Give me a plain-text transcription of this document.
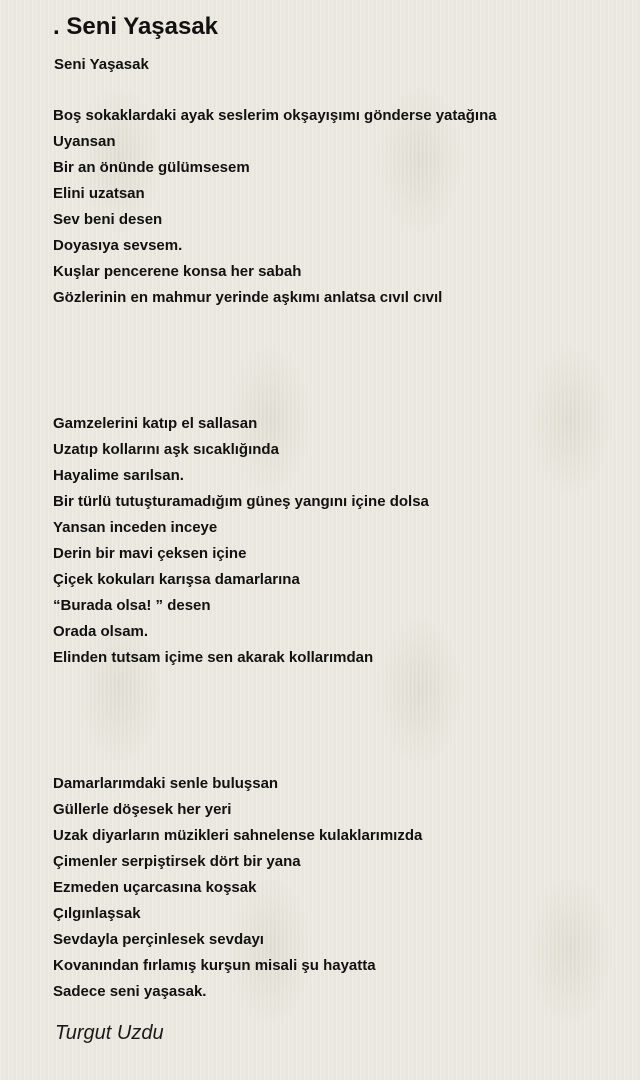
. Seni Yaşasak
Seni Yaşasak
Boş sokaklardaki ayak seslerim okşayışımı gönderse yatağına
Uyansan
Bir an önünde gülümsesem
Elini uzatsan
Sev beni desen
Doyasıya sevsem.
Kuşlar pencerene konsa her sabah
Gözlerinin en mahmur yerinde aşkımı anlatsa cıvıl cıvıl
Gamzelerini katıp el sallasan
Uzatıp kollarını aşk sıcaklığında
Hayalime sarılsan.
Bir türlü tutuşturamadığım güneş yangını içine dolsa
Yansan inceden inceye
Derin bir mavi çeksen içine
Çiçek kokuları karışsa damarlarına
“Burada olsa! ” desen
Orada olsam.
Elinden tutsam içime sen akarak kollarımdan
Damarlarımdaki senle buluşsan
Güllerle döşesek her yeri
Uzak diyarların müzikleri sahnelense kulaklarımızda
Çimenler serpiştirsek dört bir yana
Ezmeden uçarcasına koşsak
Çılgınlaşsak
Sevdayla perçinlesek sevdayı
Kovanından fırlamış kurşun misali şu hayatta
Sadece seni yaşasak.
Turgut Uzdu
